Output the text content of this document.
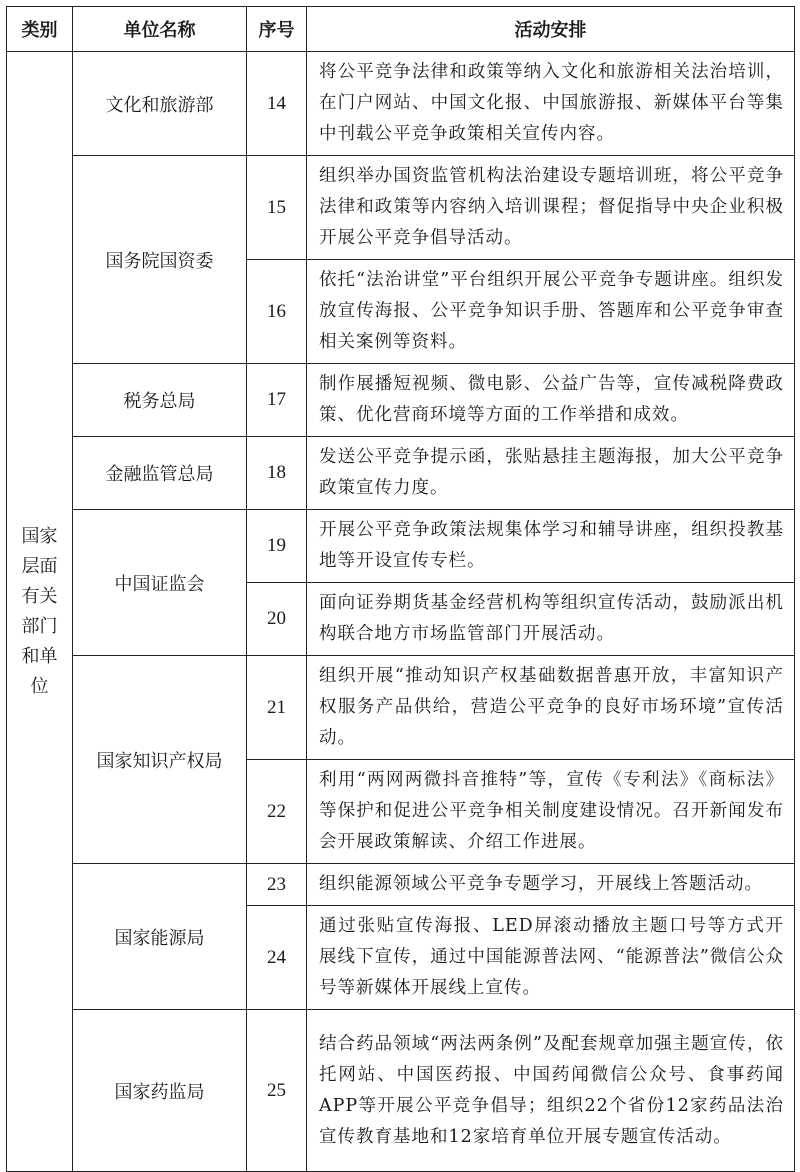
类别	单位名称	序号	活动安排

国家层面有关部门和单位	文化和旅游部	14	将公平竞争法律和政策等纳入文化和旅游相关法治培训，在门户网站、中国文化报、中国旅游报、新媒体平台等集中刊载公平竞争政策相关宣传内容。
	国务院国资委	15	组织举办国资监管机构法治建设专题培训班，将公平竞争法律和政策等内容纳入培训课程；督促指导中央企业积极开展公平竞争倡导活动。
		16	依托“法治讲堂”平台组织开展公平竞争专题讲座。组织发放宣传海报、公平竞争知识手册、答题库和公平竞争审查相关案例等资料。
	税务总局	17	制作展播短视频、微电影、公益广告等，宣传减税降费政策、优化营商环境等方面的工作举措和成效。
	金融监管总局	18	发送公平竞争提示函，张贴悬挂主题海报，加大公平竞争政策宣传力度。
	中国证监会	19	开展公平竞争政策法规集体学习和辅导讲座，组织投教基地等开设宣传专栏。
		20	面向证券期货基金经营机构等组织宣传活动，鼓励派出机构联合地方市场监管部门开展活动。
	国家知识产权局	21	组织开展“推动知识产权基础数据普惠开放，丰富知识产权服务产品供给，营造公平竞争的良好市场环境”宣传活动。
		22	利用“两网两微抖音推特”等，宣传《专利法》《商标法》等保护和促进公平竞争相关制度建设情况。召开新闻发布会开展政策解读、介绍工作进展。
	国家能源局	23	组织能源领域公平竞争专题学习，开展线上答题活动。
		24	通过张贴宣传海报、LED屏滚动播放主题口号等方式开展线下宣传，通过中国能源普法网、“能源普法”微信公众号等新媒体开展线上宣传。
	国家药监局	25	结合药品领域“两法两条例”及配套规章加强主题宣传，依托网站、中国医药报、中国药闻微信公众号、食事药闻APP等开展公平竞争倡导；组织22个省份12家药品法治宣传教育基地和12家培育单位开展专题宣传活动。
